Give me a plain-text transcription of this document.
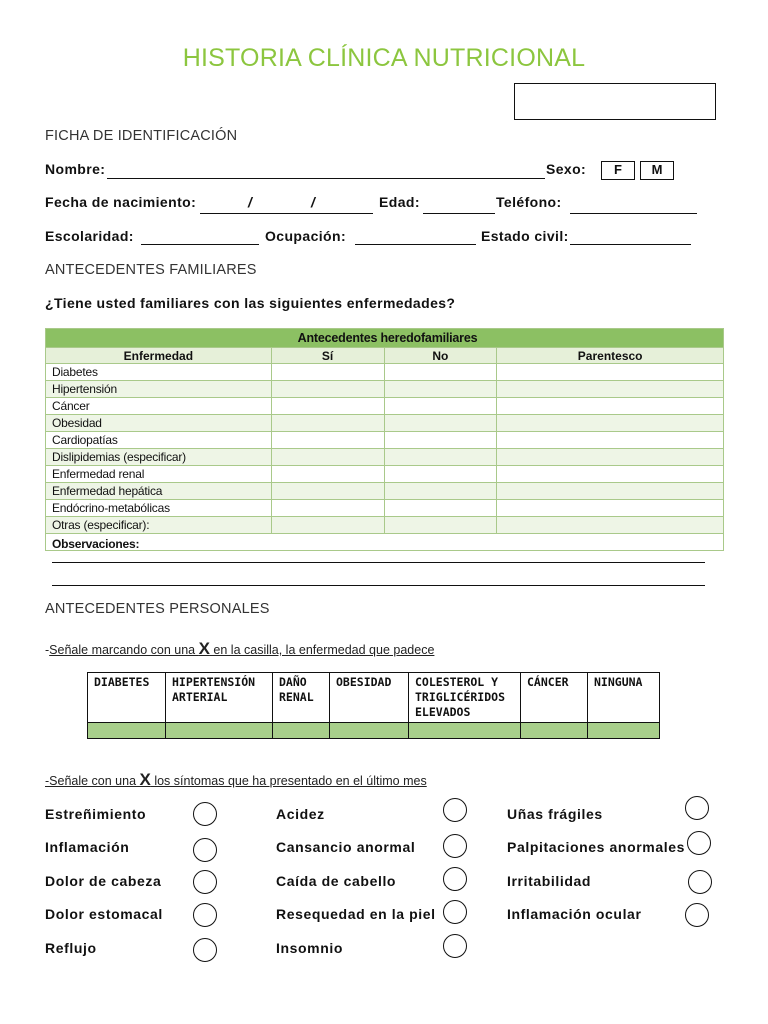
HISTORIA CLÍNICA NUTRICIONAL
FICHA DE IDENTIFICACIÓN
Nombre:	Sexo:	F	M
Fecha de nacimiento:	/	/	Edad:	Teléfono:
Escolaridad:	Ocupación:	Estado civil:
ANTECEDENTES FAMILIARES
¿Tiene usted familiares con las siguientes enfermedades?
Antecedentes heredofamiliares			
Enfermedad	Sí	No	Parentesco
Diabetes			
Hipertensión			
Cáncer			
Obesidad			
Cardiopatías			
Dislipidemias (especificar)			
Enfermedad renal			
Enfermedad hepática			
Endócrino-metabólicas			
Otras (especificar):			

Observaciones:			
ANTECEDENTES PERSONALES
-Señale marcando con una X en la casilla, la enfermedad que padece
DIABETES	HIPERTENSIÓN ARTERIAL	DAÑO RENAL	OBESIDAD	COLESTEROL Y TRIGLICÉRIDOS ELEVADOS	CÁNCER	NINGUNA

-Señale con una X los síntomas que ha presentado en el último mes
Estreñimiento
Inflamación
Dolor de cabeza
Dolor estomacal
Reflujo
Acidez
Cansancio anormal
Caída de cabello
Resequedad en la piel
Insomnio
Uñas frágiles
Palpitaciones anormales
Irritabilidad
Inflamación ocular
